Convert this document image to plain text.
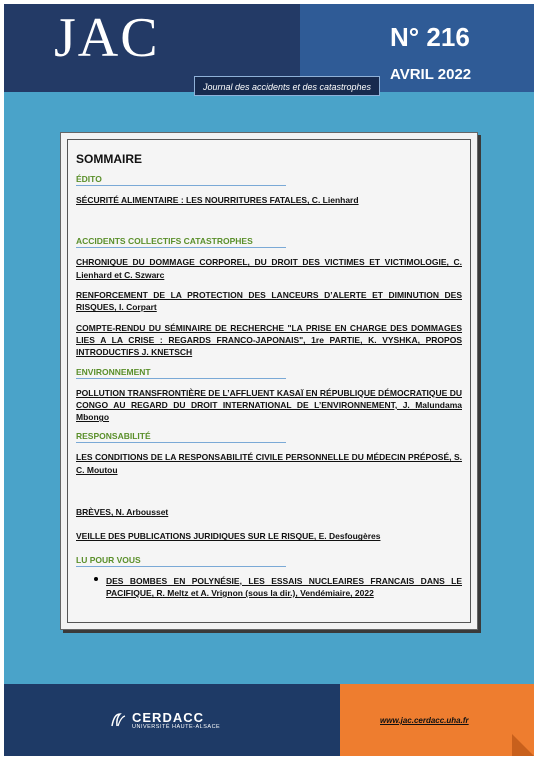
JAC	N° 216
AVRIL 2022
Journal des accidents et des catastrophes
SOMMAIRE
ÉDITO
SÉCURITÉ ALIMENTAIRE : LES NOURRITURES FATALES, C. Lienhard
ACCIDENTS COLLECTIFS CATASTROPHES
CHRONIQUE DU DOMMAGE CORPOREL, DU DROIT DES VICTIMES ET VICTIMOLOGIE, C. Lienhard et C. Szwarc
RENFORCEMENT DE LA PROTECTION DES LANCEURS D’ALERTE ET DIMINUTION DES RISQUES, I. Corpart
COMPTE-RENDU DU SÉMINAIRE DE RECHERCHE "LA PRISE EN CHARGE DES DOMMAGES LIES A LA CRISE : REGARDS FRANCO-JAPONAIS", 1re PARTIE, K. VYSHKA, PROPOS INTRODUCTIFS J. KNETSCH
ENVIRONNEMENT
POLLUTION TRANSFRONTIÈRE DE L’AFFLUENT KASAÏ EN RÉPUBLIQUE DÉMOCRATIQUE DU CONGO AU REGARD DU DROIT INTERNATIONAL DE L’ENVIRONNEMENT, J. Malundama Mbongo
RESPONSABILITÉ
LES CONDITIONS DE LA RESPONSABILITÉ CIVILE PERSONNELLE DU MÉDECIN PRÉPOSÉ, S. C. Moutou
BRÈVES, N. Arbousset
VEILLE DES PUBLICATIONS JURIDIQUES SUR LE RISQUE, E. Desfougères
LU POUR VOUS
DES BOMBES EN POLYNÉSIE, LES ESSAIS NUCLEAIRES FRANCAIS DANS LE PACIFIQUE, R. Meltz et A. Vrignon (sous la dir.), Vendémiaire, 2022
CERDACC
UNIVERSITÉ HAUTE-ALSACE
www.jac.cerdacc.uha.fr
